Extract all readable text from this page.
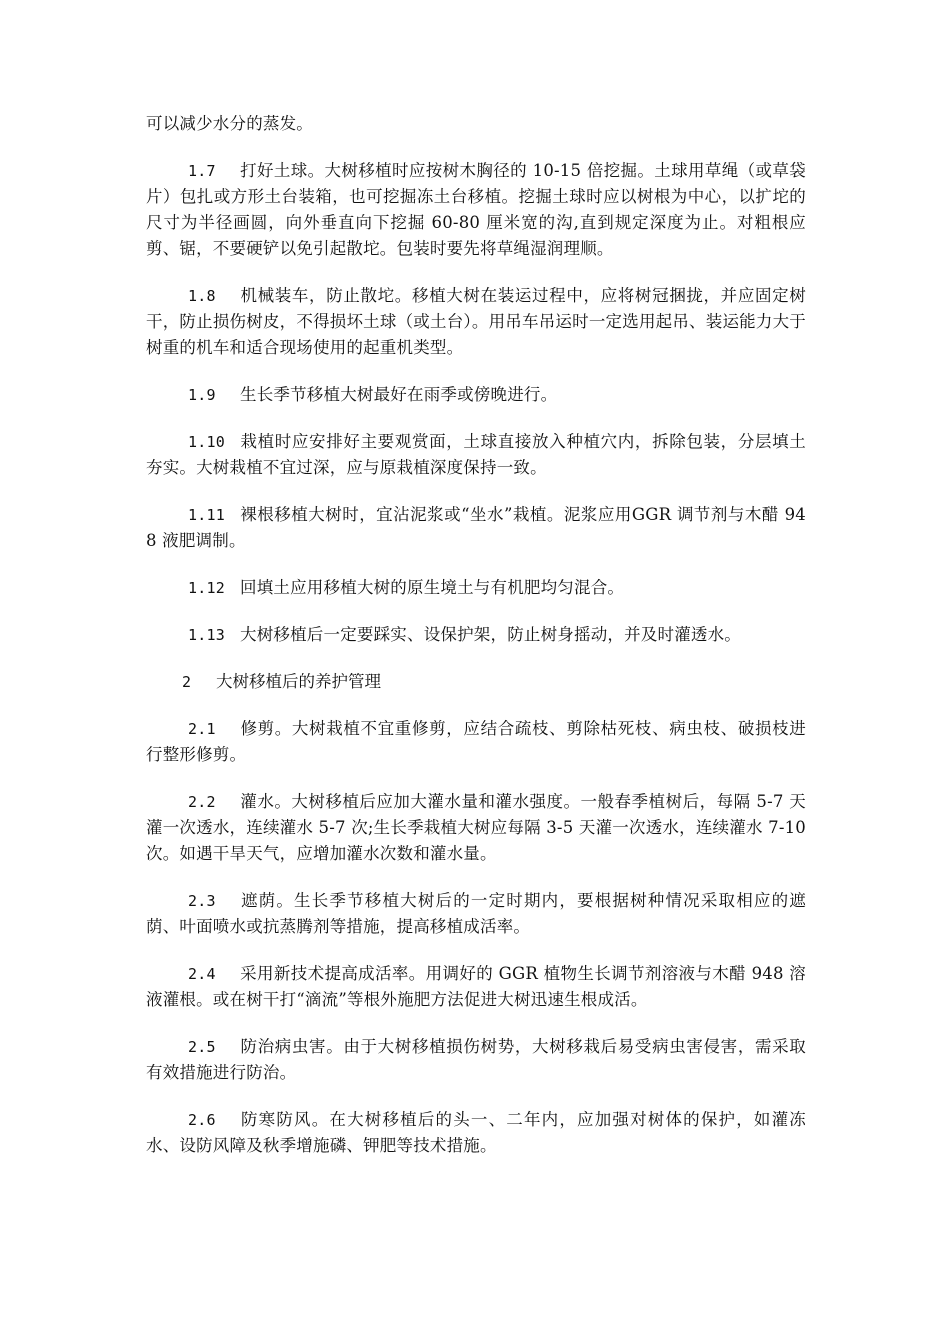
可以减少水分的蒸发。

1.7 打好土球。大树移植时应按树木胸径的 10-15 倍挖掘。土球用草绳（或草袋片）包扎或方形土台装箱，也可挖掘冻土台移植。挖掘土球时应以树根为中心，以扩坨的尺寸为半径画圆，向外垂直向下挖掘 60-80 厘米宽的沟,直到规定深度为止。对粗根应剪、锯，不要硬铲以免引起散坨。包装时要先将草绳湿润理顺。

1.8 机械装车，防止散坨。移植大树在装运过程中，应将树冠捆拢，并应固定树干，防止损伤树皮，不得损坏土球（或土台）。用吊车吊运时一定选用起吊、装运能力大于树重的机车和适合现场使用的起重机类型。

1.9 生长季节移植大树最好在雨季或傍晚进行。

1.10 栽植时应安排好主要观赏面，土球直接放入种植穴内，拆除包装，分层填土夯实。大树栽植不宜过深，应与原栽植深度保持一致。

1.11 裸根移植大树时，宜沾泥浆或“坐水”栽植。泥浆应用GGR 调节剂与木醋 948 液肥调制。

1.12 回填土应用移植大树的原生境土与有机肥均匀混合。

1.13 大树移植后一定要踩实、设保护架，防止树身摇动，并及时灌透水。

2 大树移植后的养护管理

2.1 修剪。大树栽植不宜重修剪，应结合疏枝、剪除枯死枝、病虫枝、破损枝进行整形修剪。

2.2 灌水。大树移植后应加大灌水量和灌水强度。一般春季植树后，每隔 5-7 天灌一次透水，连续灌水 5-7 次;生长季栽植大树应每隔 3-5 天灌一次透水，连续灌水 7-10 次。如遇干旱天气，应增加灌水次数和灌水量。

2.3 遮荫。生长季节移植大树后的一定时期内，要根据树种情况采取相应的遮荫、叶面喷水或抗蒸腾剂等措施，提高移植成活率。

2.4 采用新技术提高成活率。用调好的 GGR 植物生长调节剂溶液与木醋 948 溶液灌根。或在树干打“滴流”等根外施肥方法促进大树迅速生根成活。

2.5 防治病虫害。由于大树移植损伤树势，大树移栽后易受病虫害侵害，需采取有效措施进行防治。

2.6 防寒防风。在大树移植后的头一、二年内，应加强对树体的保护，如灌冻水、设防风障及秋季增施磷、钾肥等技术措施。
